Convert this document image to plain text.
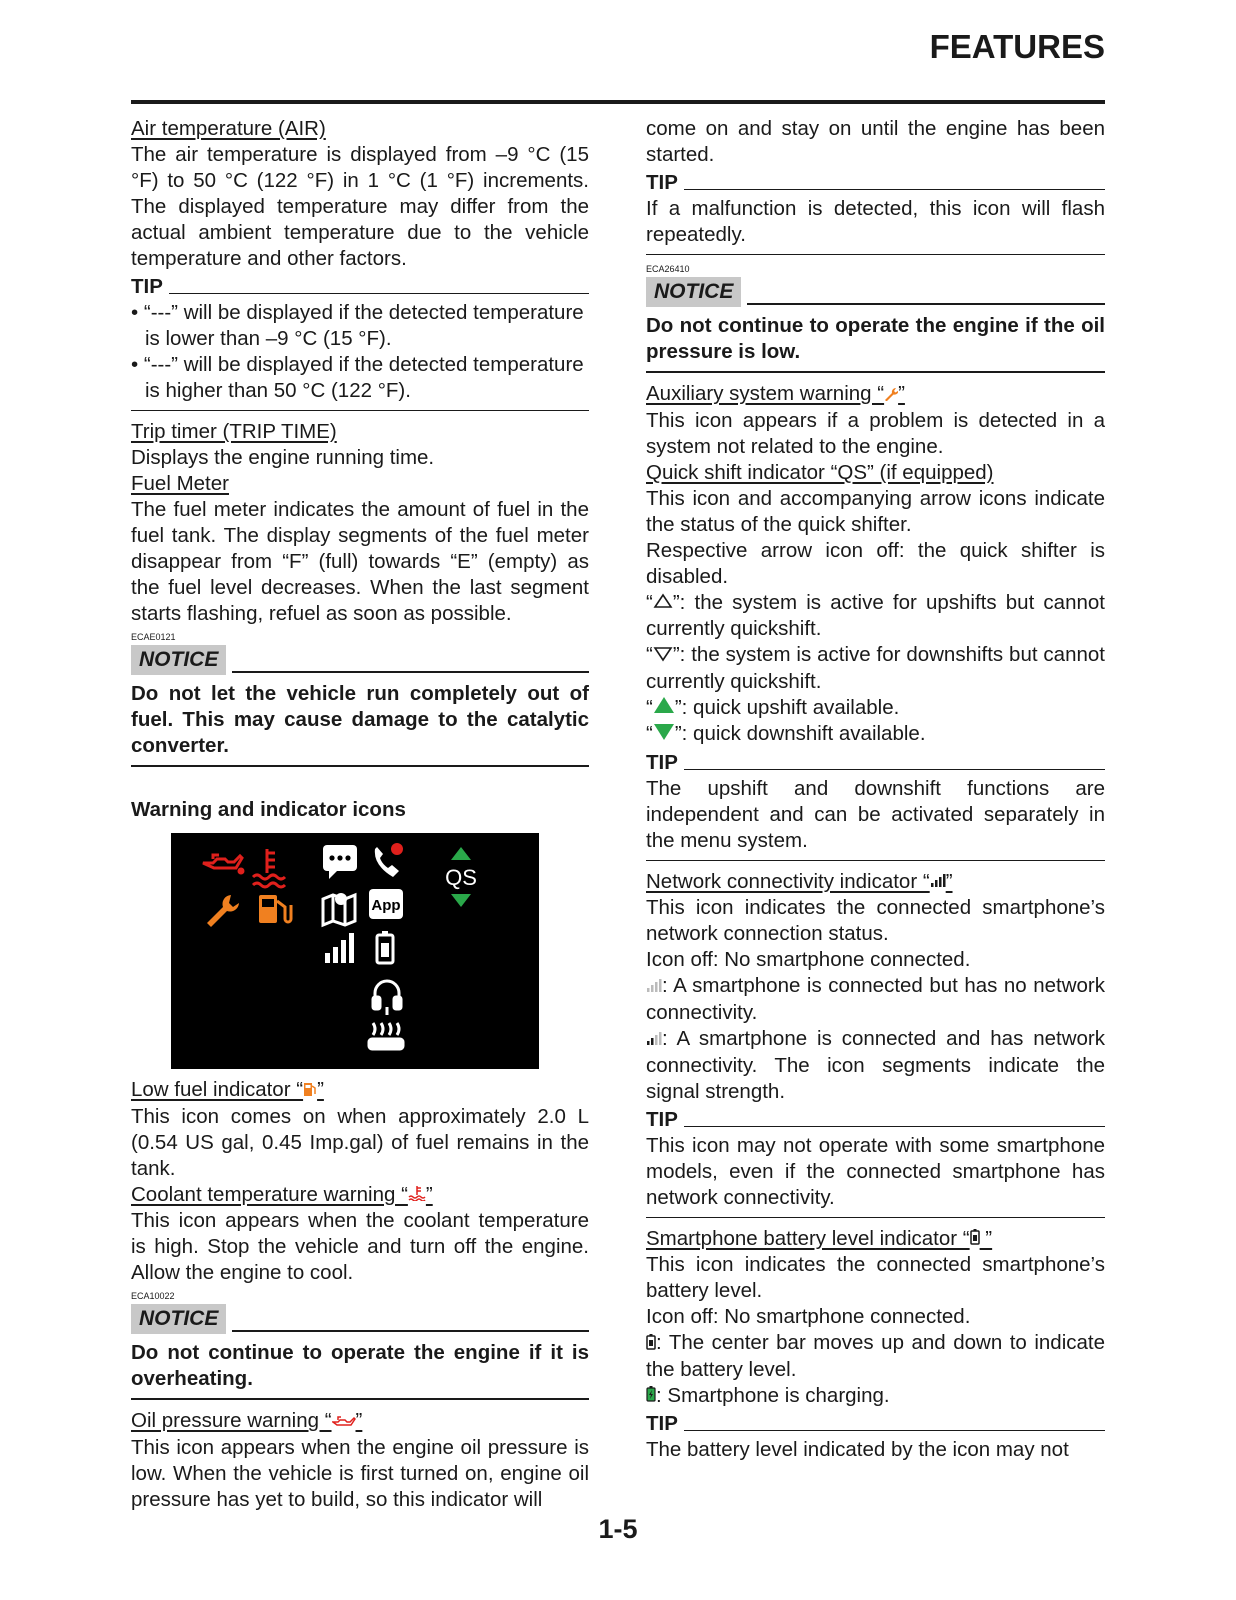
FEATURES

Air temperature (AIR)

The air temperature is displayed from –9 °C (15 °F) to 50 °C (122 °F) in 1 °C (1 °F) increments. The displayed temperature may differ from the actual ambient temperature due to the vehicle temperature and other factors.

TIP

• “---” will be displayed if the detected temperature is lower than –9 °C (15 °F).

• “---” will be displayed if the detected temperature is higher than 50 °C (122 °F).

Trip timer (TRIP TIME)

Displays the engine running time.

Fuel Meter

The fuel meter indicates the amount of fuel in the fuel tank. The display segments of the fuel meter disappear from “F” (full) towards “E” (empty) as the fuel level decreases. When the last segment starts flashing, refuel as soon as possible.

ECAE0121
NOTICE

Do not let the vehicle run completely out of fuel. This may cause damage to the catalytic converter.

Warning and indicator icons
App
QS

Low fuel indicator “ ”

This icon comes on when approximately 2.0 L (0.54 US gal, 0.45 Imp.gal) of fuel remains in the tank.

Coolant temperature warning “ ”

This icon appears when the coolant temperature is high. Stop the vehicle and turn off the engine. Allow the engine to cool.

ECA10022
NOTICE

Do not continue to operate the engine if it is overheating.

Oil pressure warning “ ”

This icon appears when the engine oil pressure is low. When the vehicle is first turned on, engine oil pressure has yet to build, so this indicator will

come on and stay on until the engine has been started.

TIP

If a malfunction is detected, this icon will flash repeatedly.

ECA26410
NOTICE

Do not continue to operate the engine if the oil pressure is low.

Auxiliary system warning “ ”

This icon appears if a problem is detected in a system not related to the engine.

Quick shift indicator “QS” (if equipped)

This icon and accompanying arrow icons indicate the status of the quick shifter.

Respective arrow icon off: the quick shifter is disabled.

“ ”: the system is active for upshifts but cannot currently quickshift.

“ ”: the system is active for downshifts but cannot currently quickshift.

“ ”: quick upshift available.

“ ”: quick downshift available.

TIP

The upshift and downshift functions are independent and can be activated separately in the menu system.

Network connectivity indicator “ ”

This icon indicates the connected smartphone’s network connection status.

Icon off: No smartphone connected.

: A smartphone is connected but has no network connectivity.

: A smartphone is connected and has network connectivity. The icon segments indicate the signal strength.

TIP

This icon may not operate with some smartphone models, even if the connected smartphone has network connectivity.

Smartphone battery level indicator “ ”

This icon indicates the connected smartphone’s battery level.

Icon off: No smartphone connected.

: The center bar moves up and down to indicate the battery level.

: Smartphone is charging.

TIP

The battery level indicated by the icon may not

1-5
